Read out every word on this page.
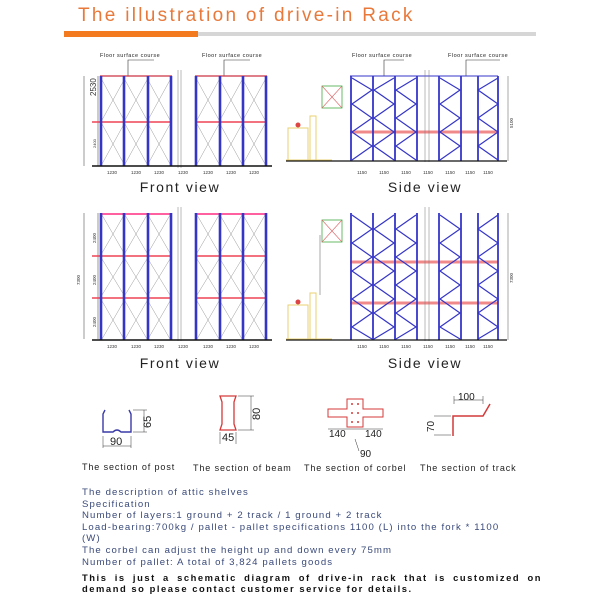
The illustration of drive-in Rack
Floor surface course	Floor surface course
2530
2400
1230	1230	1230	1230	1230	1230	1230
Front view
Floor surface course	Floor surface course
5100
1150	1150	1150	1150	1150 1150 1150
Side view
7300
2400
2400
2400
1230	1230	1230	1230	1230	1230	1230
Front view
7300
1150	1150	1150	1150	1150 1150 1150
Side view
65
90
The section of post
80
45
The section of beam
140 140
90
The section of corbel
100
70
The section of track
The description of attic shelves
Specification
Number of layers:1 ground + 2 track / 1 ground + 2 track
Load-bearing:700kg / pallet - pallet specifications 1100 (L) into the fork * 1100
(W)
The corbel can adjust the height up and down every 75mm
Number of pallet: A total of 3,824 pallets goods
This is just a schematic diagram of drive-in rack that is customized on demand so please contact customer service for details.
